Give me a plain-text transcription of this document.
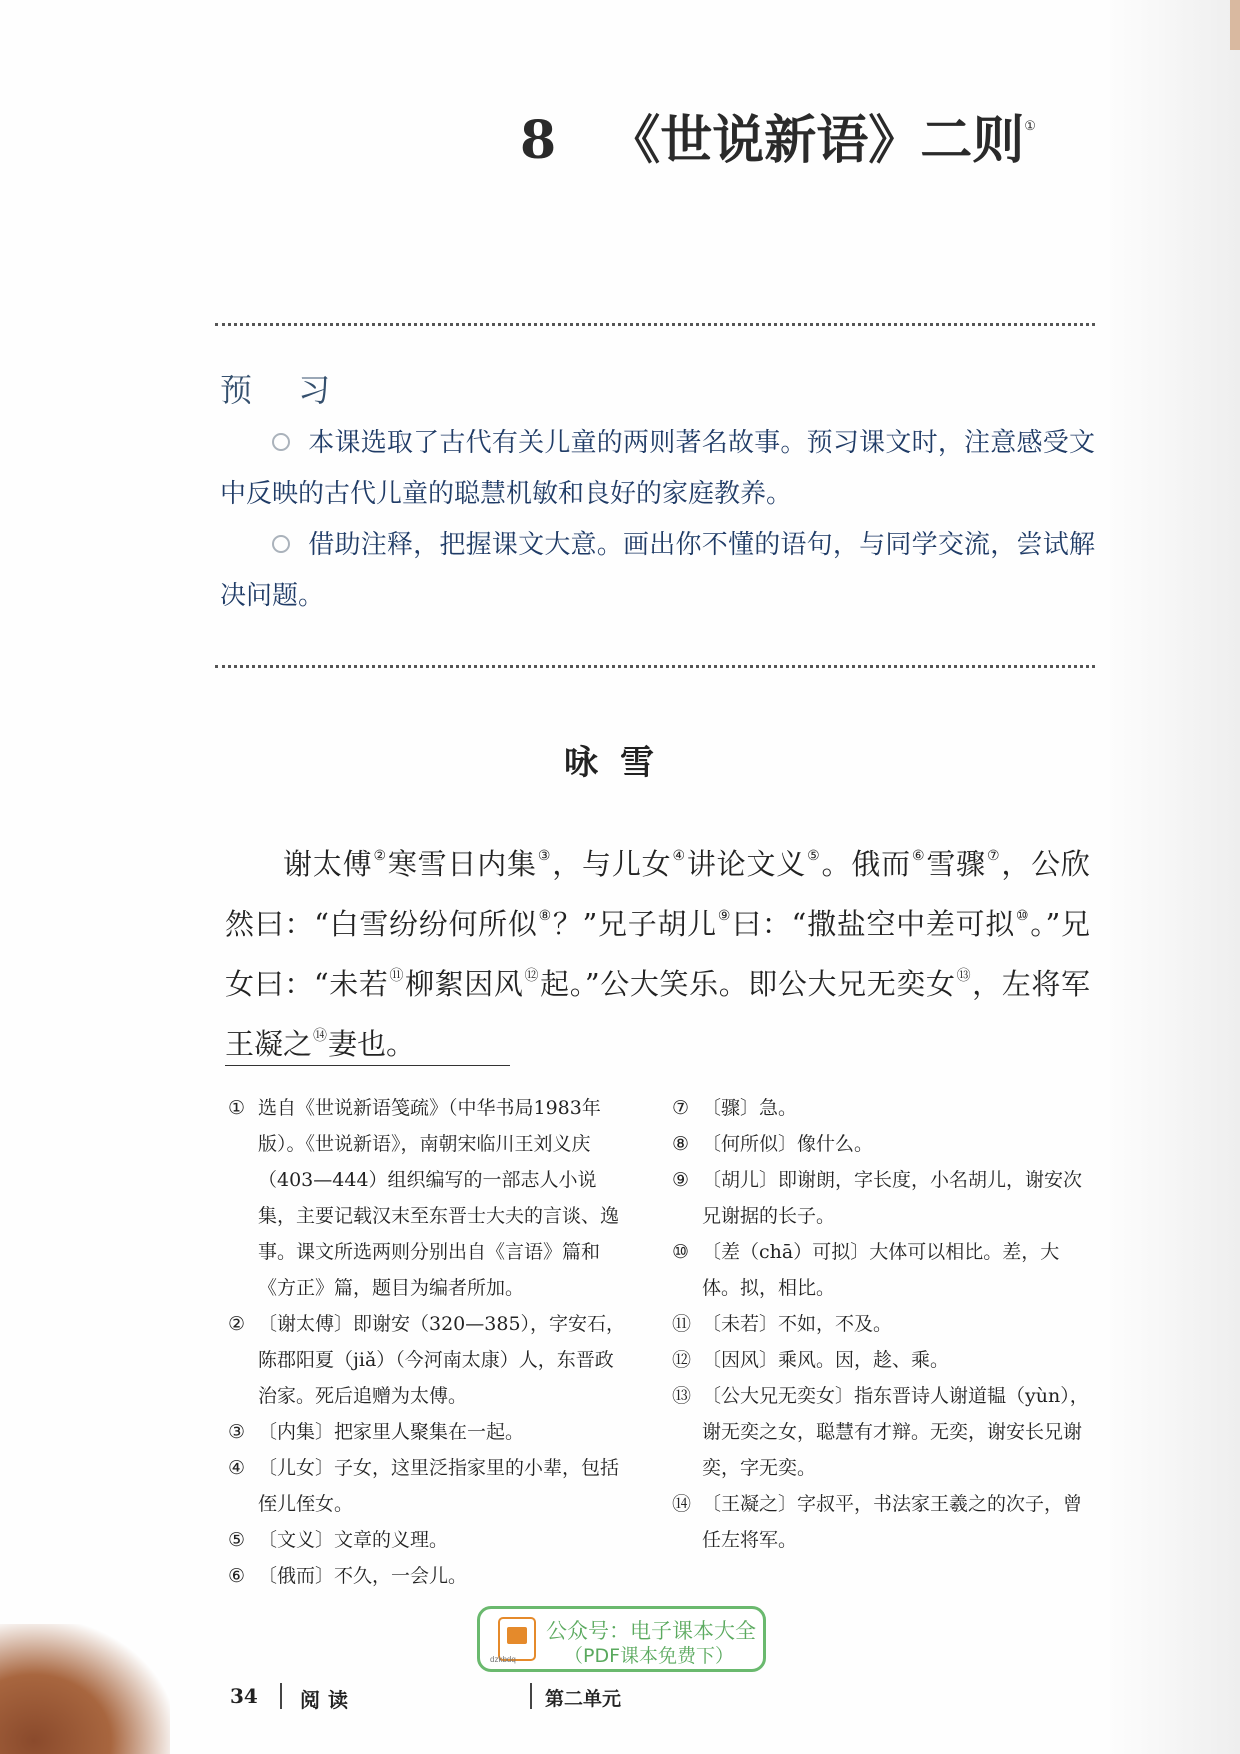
8 《世说新语》二则①
预 习

本课选取了古代有关儿童的两则著名故事。预习课文时，注意感受文中反映的古代儿童的聪慧机敏和良好的家庭教养。

借助注释，把握课文大意。画出你不懂的语句，与同学交流，尝试解决问题。

咏雪

谢太傅②寒雪日内集③，与儿女④讲论文义⑤。俄而⑥雪骤⑦，公欣然曰：“白雪纷纷何所似⑧？”兄子胡儿⑨曰：“撒盐空中差可拟⑩。”兄女曰：“未若⑪柳絮因风⑫起。”公大笑乐。即公大兄无奕女⑬，左将军王凝之⑭妻也。

① 选自《世说新语笺疏》（中华书局1983年版）。《世说新语》，南朝宋临川王刘义庆（403—444）组织编写的一部志人小说集，主要记载汉末至东晋士大夫的言谈、逸事。课文所选两则分别出自《言语》篇和《方正》篇，题目为编者所加。

② 〔谢太傅〕即谢安（320—385），字安石，陈郡阳夏（jiǎ）（今河南太康）人，东晋政治家。死后追赠为太傅。

③ 〔内集〕把家里人聚集在一起。

④ 〔儿女〕子女，这里泛指家里的小辈，包括侄儿侄女。

⑤ 〔文义〕文章的义理。

⑥ 〔俄而〕不久，一会儿。

⑦ 〔骤〕急。

⑧ 〔何所似〕像什么。

⑨ 〔胡儿〕即谢朗，字长度，小名胡儿，谢安次兄谢据的长子。

⑩ 〔差（chā）可拟〕大体可以相比。差，大体。拟，相比。

⑪ 〔未若〕不如，不及。

⑫ 〔因风〕乘风。因，趁、乘。

⑬ 〔公大兄无奕女〕指东晋诗人谢道韫（yùn），谢无奕之女，聪慧有才辩。无奕，谢安长兄谢奕，字无奕。

⑭ 〔王凝之〕字叔平，书法家王羲之的次子，曾任左将军。

dzkbdq
公众号：电子课本大全
（PDF课本免费下）
34 阅读	第二单元
